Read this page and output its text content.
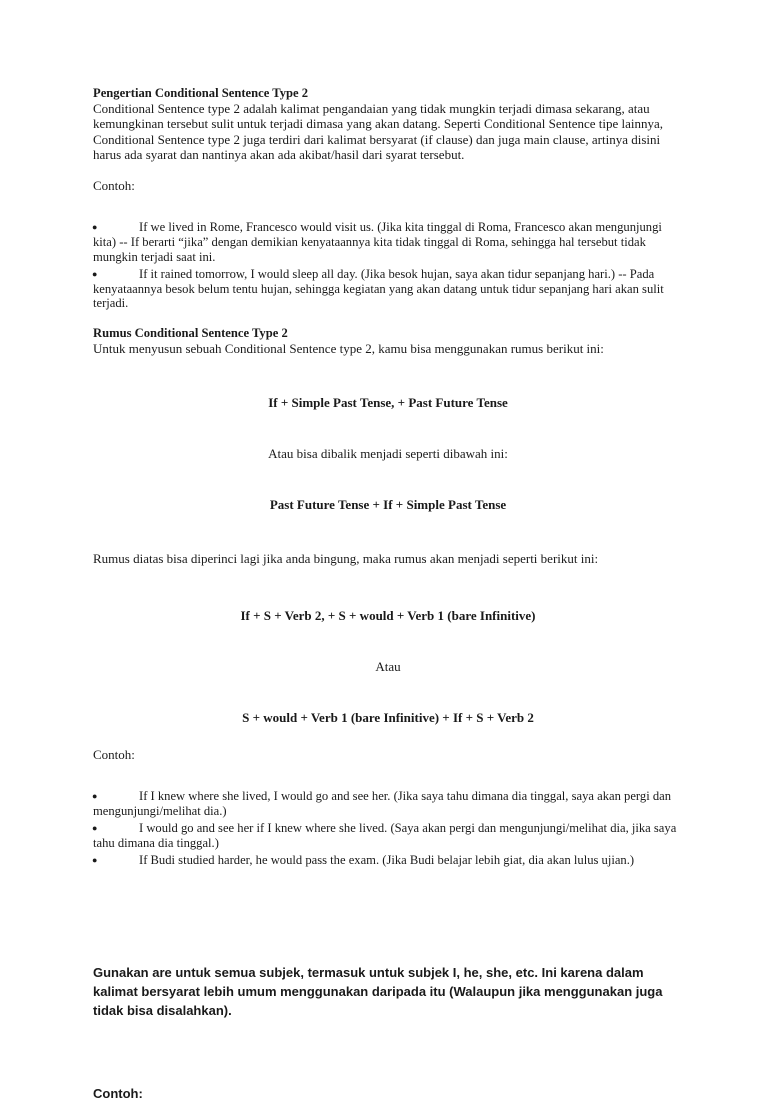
Pengertian Conditional Sentence Type 2

Conditional Sentence type 2 adalah kalimat pengandaian yang tidak mungkin terjadi dimasa sekarang, atau kemungkinan tersebut sulit untuk terjadi dimasa yang akan datang. Seperti Conditional Sentence tipe lainnya, Conditional Sentence type 2 juga terdiri dari kalimat bersyarat (if clause) dan juga main clause, artinya disini harus ada syarat dan nantinya akan ada akibat/hasil dari syarat tersebut.

Contoh:

●	If we lived in Rome, Francesco would visit us. (Jika kita tinggal di Roma, Francesco akan mengunjungi kita) -- If berarti “jika” dengan demikian kenyataannya kita tidak tinggal di Roma, sehingga hal tersebut tidak mungkin terjadi saat ini.
●	If it rained tomorrow, I would sleep all day. (Jika besok hujan, saya akan tidur sepanjang hari.) -- Pada kenyataannya besok belum tentu hujan, sehingga kegiatan yang akan datang untuk tidur sepanjang hari akan sulit terjadi.

Rumus Conditional Sentence Type 2

Untuk menyusun sebuah Conditional Sentence type 2, kamu bisa menggunakan rumus berikut ini:

If + Simple Past Tense, + Past Future Tense

Atau bisa dibalik menjadi seperti dibawah ini:

Past Future Tense + If + Simple Past Tense

Rumus diatas bisa diperinci lagi jika anda bingung, maka rumus akan menjadi seperti berikut ini:

If + S + Verb 2, + S + would + Verb 1 (bare Infinitive)

Atau

S + would + Verb 1 (bare Infinitive) + If + S + Verb 2

Contoh:

●	If I knew where she lived, I would go and see her. (Jika saya tahu dimana dia tinggal, saya akan pergi dan mengunjungi/melihat dia.)
●	I would go and see her if I knew where she lived. (Saya akan pergi dan mengunjungi/melihat dia, jika saya tahu dimana dia tinggal.)
●	If Budi studied harder, he would pass the exam. (Jika Budi belajar lebih giat, dia akan lulus ujian.)

Gunakan are untuk semua subjek, termasuk untuk subjek I, he, she, etc. Ini karena dalam kalimat bersyarat lebih umum menggunakan daripada itu (Walaupun jika menggunakan juga tidak bisa disalahkan).

Contoh:
